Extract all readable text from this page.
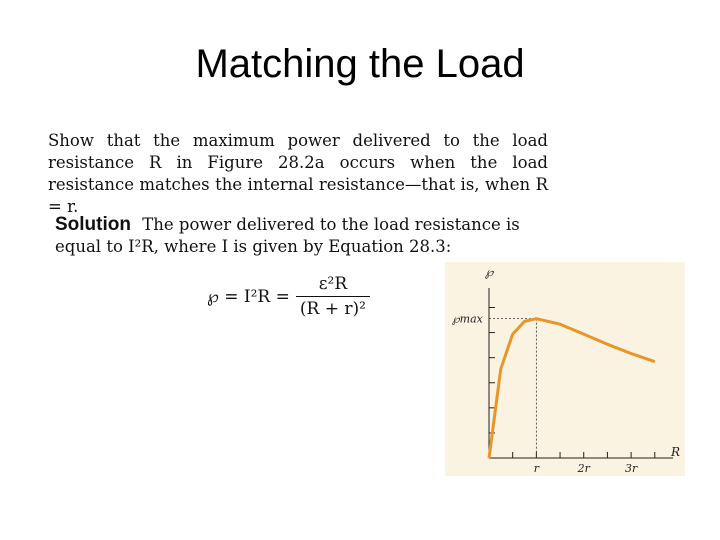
Matching the Load
Show that the maximum power delivered to the load resistance R in Figure 28.2a occurs when the load resistance matches the internal resistance—that is, when R = r.
Solution The power delivered to the load resistance is equal to I²R, where I is given by Equation 28.3:
℘ = $I^2R = \frac{\text{ε²R}}{\text{(R + r)²}}$
r	2r	3r
℘
R
℘max
